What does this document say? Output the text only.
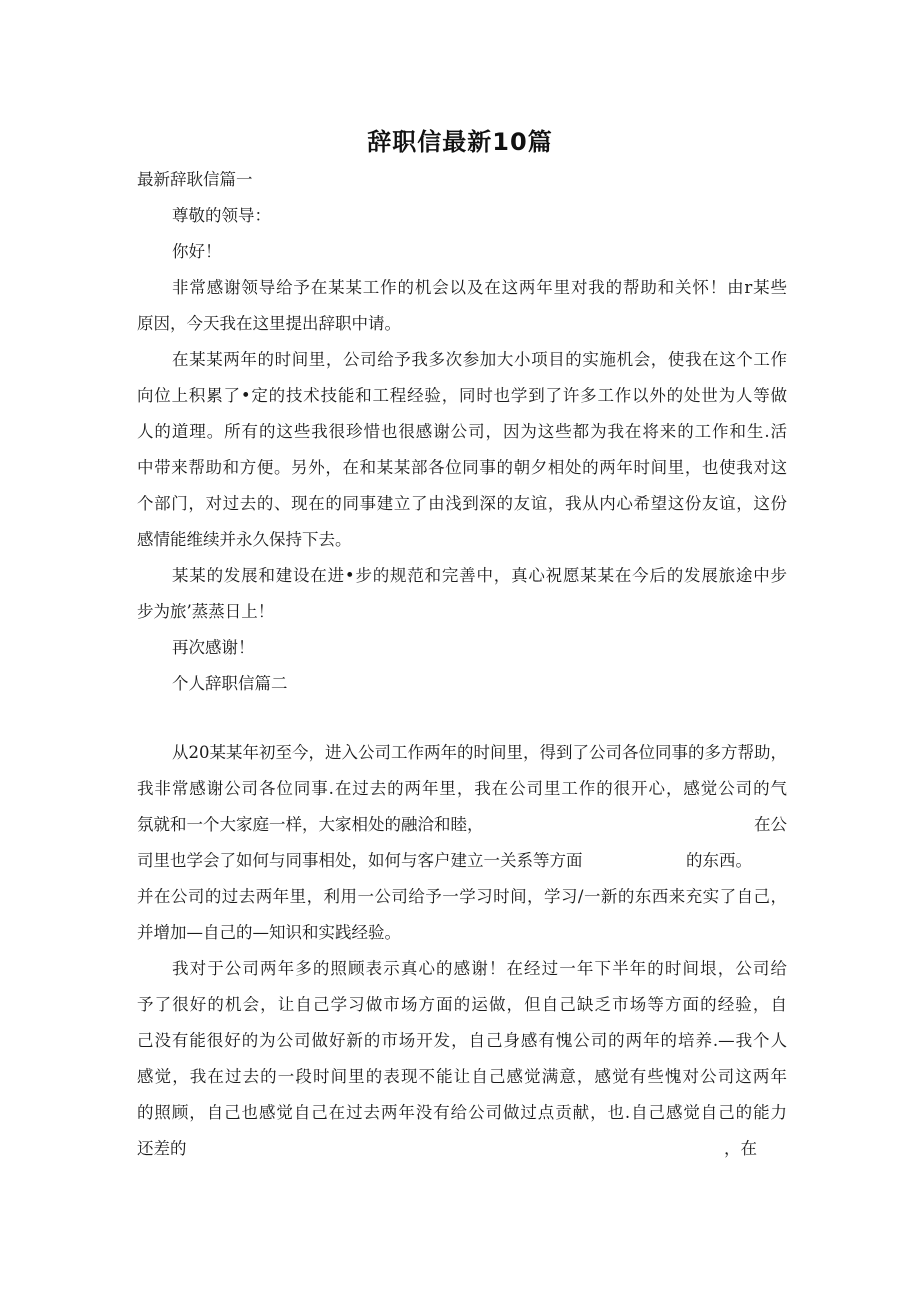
辞职信最新10篇
最新辞耿信篇一
尊敬的领导：
你好！
非常感谢领导给予在某某工作的机会以及在这两年里对我的帮助和关怀！由r某些
原因，今天我在这里提出辞职中请。
在某某两年的时间里，公司给予我多次参加大小项目的实施机会，使我在这个工作
向位上积累了•定的技术技能和工程经验，同时也学到了许多工作以外的处世为人等做
人的道理。所有的这些我很珍惜也很感谢公司，因为这些都为我在将来的工作和生.活
中带来帮助和方便。另外，在和某某部各位同事的朝夕相处的两年时间里，也使我对这
个部门，对过去的、现在的同事建立了由浅到深的友谊，我从内心希望这份友谊，这份
感情能维续并永久保持下去。
某某的发展和建设在进•步的规范和完善中，真心祝愿某某在今后的发展旅途中步
步为旅’蒸蒸日上！
再次感谢！
个人辞职信篇二
从20某某年初至今，进入公司工作两年的时间里，得到了公司各位同事的多方帮助，
我非常感谢公司各位同事.在过去的两年里，我在公司里工作的很开心，感觉公司的气
氛就和一个大家庭一样，大家相处的融洽和睦，	在公
司里也学会了如何与同事相处，如何与客户建立一关系等方面	的东西。
并在公司的过去两年里，利用一公司给予一学习时间，学习/一新的东西来充实了自己，
并增加—自己的—知识和实践经验。
我对于公司两年多的照顾表示真心的感谢！在经过一年下半年的时间垠，公司给
予了很好的机会，让自己学习做市场方面的运做，但自己缺乏市场等方面的经验，自
己没有能很好的为公司做好新的市场开发，自己身感有愧公司的两年的培养.—我个人
感觉，我在过去的一段时间里的表现不能让自己感觉满意，感觉有些愧对公司这两年
的照顾，自己也感觉自己在过去两年没有给公司做过点贡献，也.自己感觉自己的能力
还差的	，在
